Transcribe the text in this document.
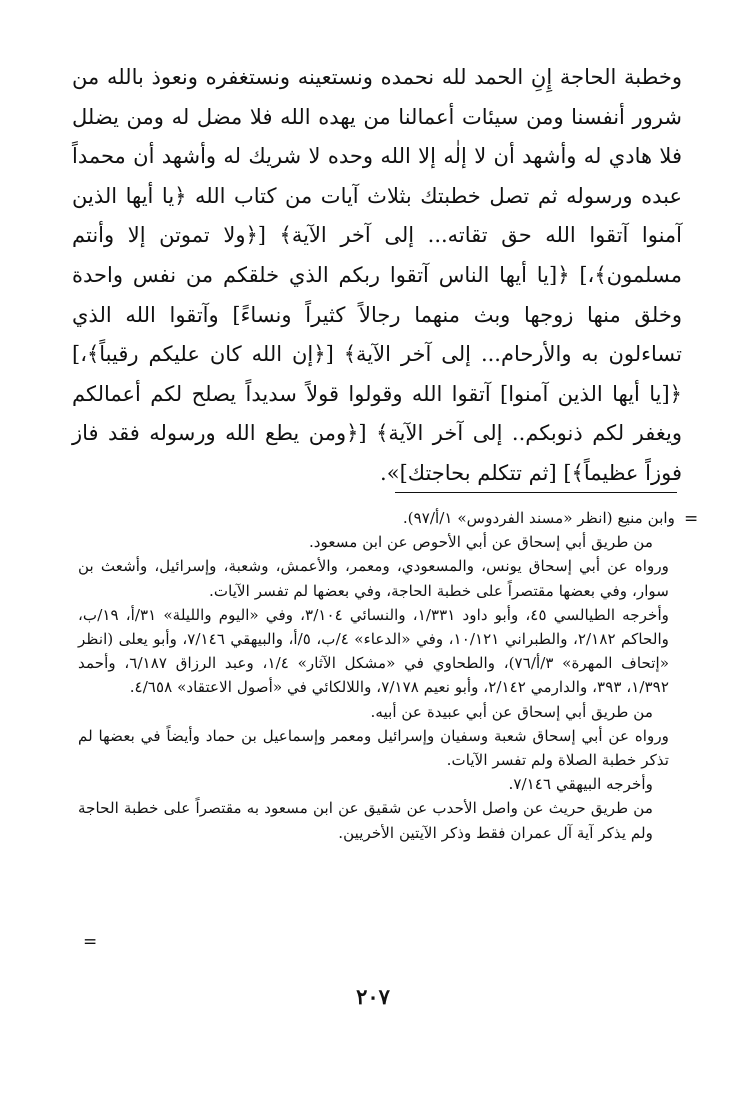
وخطبة الحاجة إِنِ الحمد لله نحمده ونستعينه ونستغفره ونعوذ بالله من شرور أنفسنا ومن سيئات أعمالنا من يهده الله فلا مضل له ومن يضلل فلا هادي له وأشهد أن لا إلٰه إلا الله وحده لا شريك له وأشهد أن محمداً عبده ورسوله ثم تصل خطبتك بثلاث آيات من كتاب الله ﴿يا أيها الذين آمنوا آتقوا الله حق تقاته... إلى آخر الآية﴾ [﴿ولا تموتن إلا وأنتم مسلمون﴾،] ﴿[يا أيها الناس آتقوا ربكم الذي خلقكم من نفس واحدة وخلق منها زوجها وبث منهما رجالاً كثيراً ونساءً] وآتقوا الله الذي تساءلون به والأرحام... إلى آخر الآية﴾ [﴿إن الله كان عليكم رقيباً﴾،] ﴿[يا أيها الذين آمنوا] آتقوا الله وقولوا قولاً سديداً يصلح لكم أعمالكم ويغفر لكم ذنوبكم.. إلى آخر الآية﴾ [﴿ومن يطع الله ورسوله فقد فاز فوزاً عظيماً﴾] [ثم تتكلم بحاجتك]».

=

وابن منيع (انظر «مسند الفردوس» ١/أ/٩٧).

من طريق أبي إسحاق عن أبي الأحوص عن ابن مسعود.

ورواه عن أبي إسحاق يونس، والمسعودي، ومعمر، والأعمش، وشعبة، وإسرائيل، وأشعث بن سوار، وفي بعضها مقتصراً على خطبة الحاجة، وفي بعضها لم تفسر الآيات.

وأخرجه الطيالسي ٤٥، وأبو داود ١/٣٣١، والنسائي ٣/١٠٤، وفي «اليوم والليلة» ٣١/أ، ١٩/ب، والحاكم ٢/١٨٢، والطبراني ١٠/١٢١، وفي «الدعاء» ٤/ب، ٥/أ، والبيهقي ٧/١٤٦، وأبو يعلى (انظر «إتحاف المهرة» ٣/أ/٧٦)، والطحاوي في «مشكل الآثار» ١/٤، وعبد الرزاق ٦/١٨٧، وأحمد ١/٣٩٢، ٣٩٣، والدارمي ٢/١٤٢، وأبو نعيم ٧/١٧٨، واللالكائي في «أصول الاعتقاد» ٤/٦٥٨.

من طريق أبي إسحاق عن أبي عبيدة عن أبيه.

ورواه عن أبي إسحاق شعبة وسفيان وإسرائيل ومعمر وإسماعيل بن حماد وأيضاً في بعضها لم تذكر خطبة الصلاة ولم تفسر الآيات.

وأخرجه البيهقي ٧/١٤٦.

من طريق حريث عن واصل الأحدب عن شقيق عن ابن مسعود به مقتصراً على خطبة الحاجة ولم يذكر آية آل عمران فقط وذكر الآيتين الأخريين.

=
٢٠٧
